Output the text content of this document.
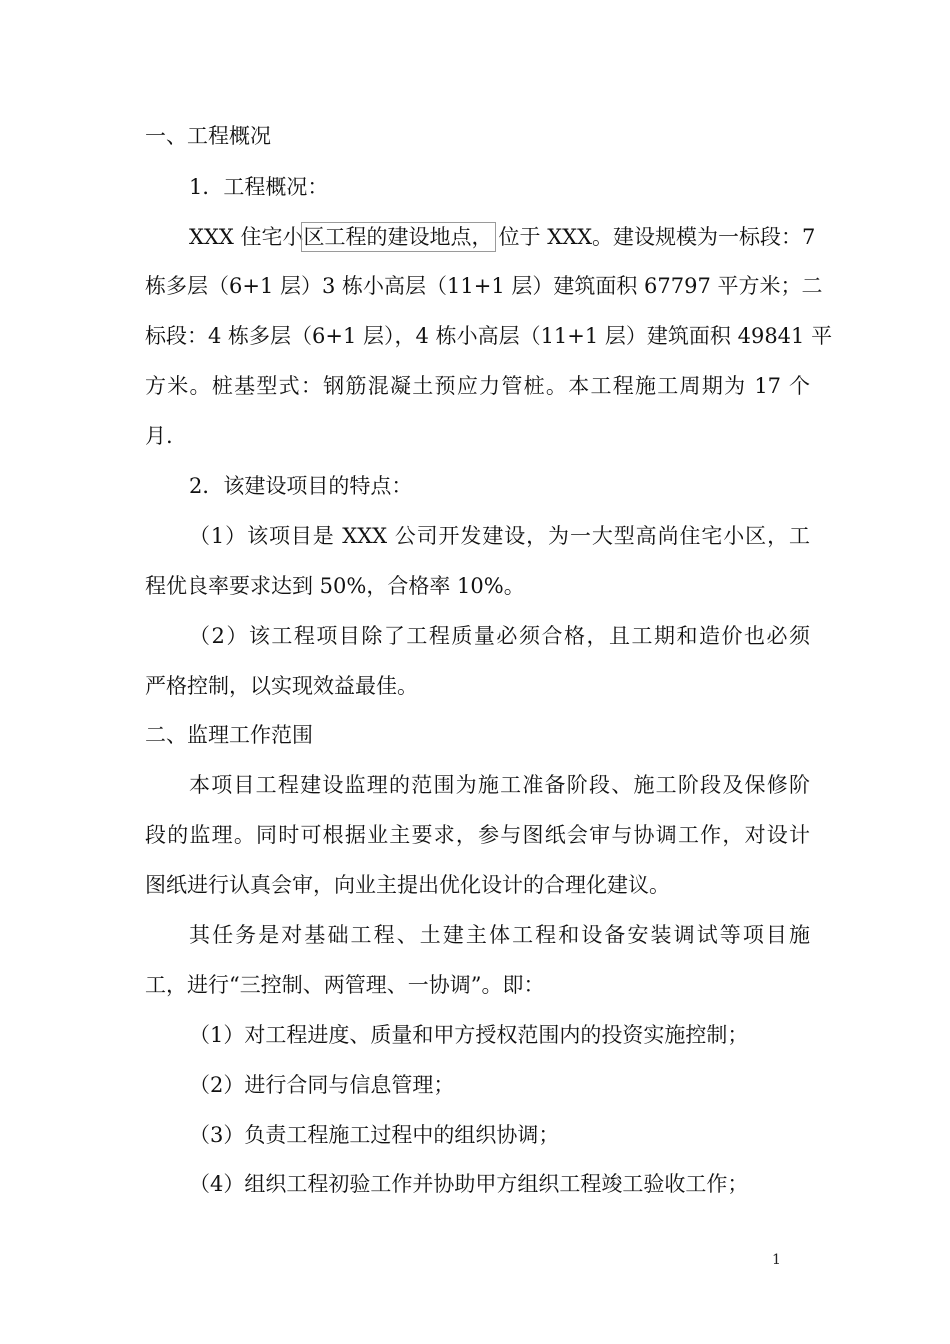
一、工程概况
1．工程概况：
XXX 住宅小区工程的建设地点， 位于 XXX。建设规模为一标段：7
栋多层（6+1 层）3 栋小高层（11+1 层）建筑面积 67797 平方米；二
标段：4 栋多层（6+1 层），4 栋小高层（11+1 层）建筑面积 49841 平
方米。桩基型式：钢筋混凝土预应力管桩。本工程施工周期为 17 个
月.
2．该建设项目的特点：
（1）该项目是 XXX 公司开发建设，为一大型高尚住宅小区，工
程优良率要求达到 50%，合格率 10%。
（2）该工程项目除了工程质量必须合格，且工期和造价也必须
严格控制，以实现效益最佳。
二、监理工作范围
本项目工程建设监理的范围为施工准备阶段、施工阶段及保修阶
段的监理。同时可根据业主要求，参与图纸会审与协调工作，对设计
图纸进行认真会审，向业主提出优化设计的合理化建议。
其任务是对基础工程、土建主体工程和设备安装调试等项目施
工，进行“三控制、两管理、一协调”。即：
（1）对工程进度、质量和甲方授权范围内的投资实施控制；
（2）进行合同与信息管理；
（3）负责工程施工过程中的组织协调；
（4）组织工程初验工作并协助甲方组织工程竣工验收工作；
1
